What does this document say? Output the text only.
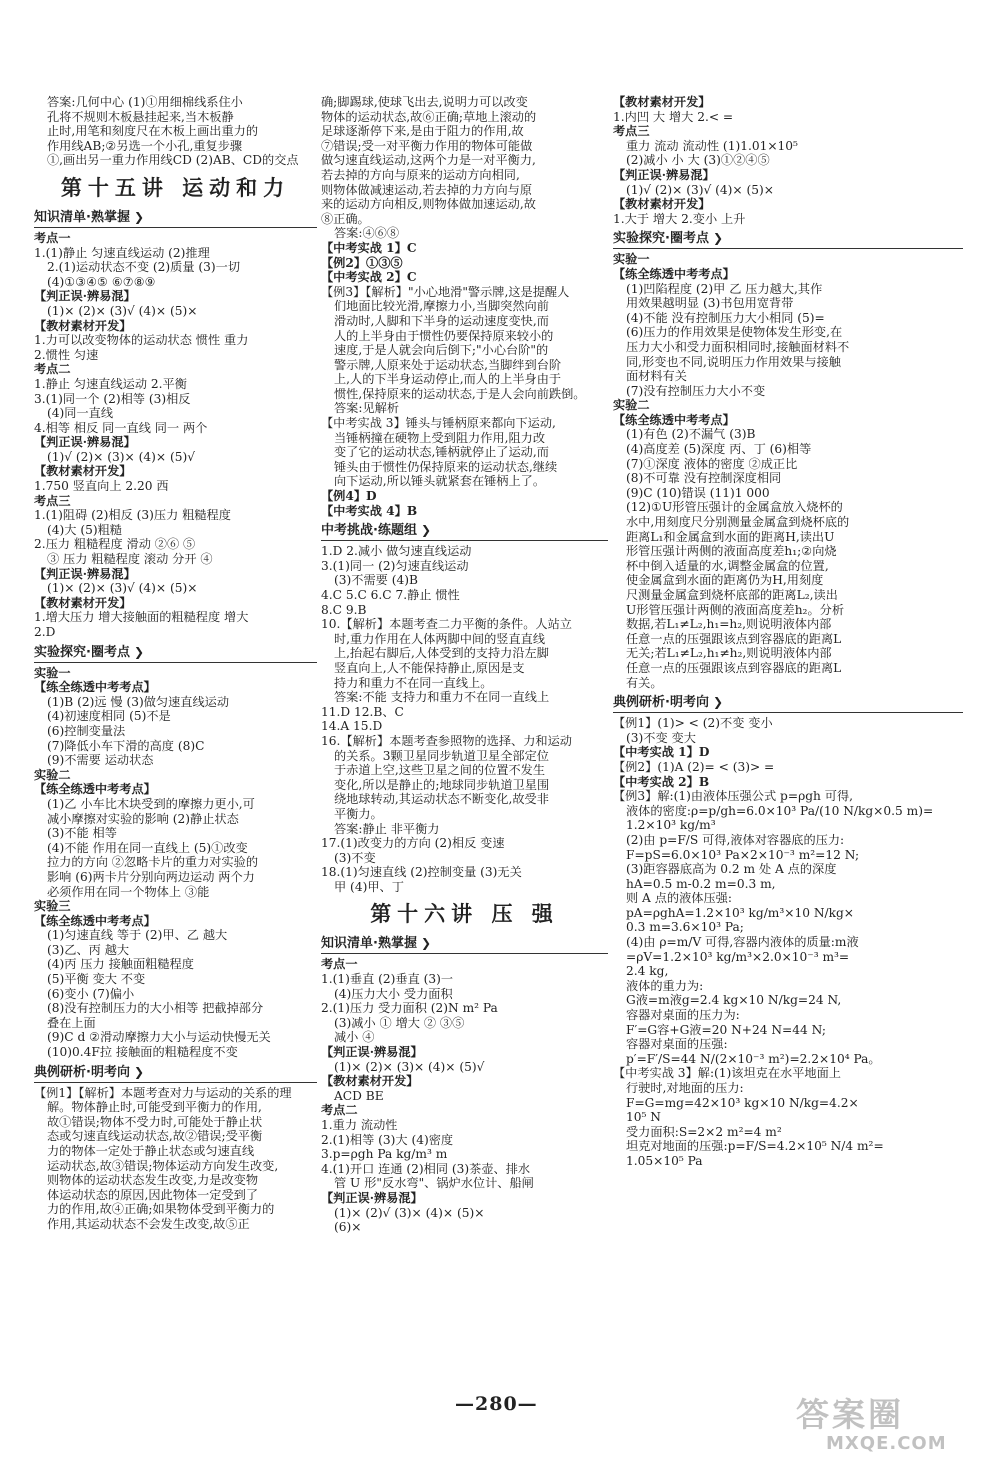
答案:几何中心 (1)①用细棉线系住小
孔将不规则木板悬挂起来,当木板静
止时,用笔和刻度尺在木板上画出重力的
作用线AB;②另选一个小孔,重复步骤
①,画出另一重力作用线CD (2)AB、CD的交点
第十五讲 运动和力
知识清单·熟掌握 ❯
考点一
1.(1)静止 匀速直线运动 (2)推理
2.(1)运动状态不变 (2)质量 (3)一切
(4)①③④⑤ ⑥⑦⑧⑨
【判正误·辨易混】
(1)× (2)× (3)√ (4)× (5)×
【教材素材开发】
1.力可以改变物体的运动状态 惯性 重力
2.惯性 匀速
考点二
1.静止 匀速直线运动 2.平衡
3.(1)同一个 (2)相等 (3)相反
(4)同一直线
4.相等 相反 同一直线 同一 两个
【判正误·辨易混】
(1)√ (2)× (3)× (4)× (5)√
【教材素材开发】
1.750 竖直向上 2.20 西
考点三
1.(1)阻碍 (2)相反 (3)压力 粗糙程度
(4)大 (5)粗糙
2.压力 粗糙程度 滑动 ②⑥ ⑤
③ 压力 粗糙程度 滚动 分开 ④
【判正误·辨易混】
(1)× (2)× (3)√ (4)× (5)×
【教材素材开发】
1.增大压力 增大接触面的粗糙程度 增大
2.D
实验探究·圈考点 ❯
实验一
【练全练透中考考点】
(1)B (2)远 慢 (3)做匀速直线运动
(4)初速度相同 (5)不是
(6)控制变量法
(7)降低小车下滑的高度 (8)C
(9)不需要 运动状态
实验二
【练全练透中考考点】
(1)乙 小车比木块受到的摩擦力更小,可
减小摩擦对实验的影响 (2)静止状态
(3)不能 相等
(4)不能 作用在同一直线上 (5)①改变
拉力的方向 ②忽略卡片的重力对实验的
影响 (6)两卡片分别向两边运动 两个力
必须作用在同一个物体上 ③能
实验三
【练全练透中考考点】
(1)匀速直线 等于 (2)甲、乙 越大
(3)乙、丙 越大
(4)丙 压力 接触面粗糙程度
(5)平衡 变大 不变
(6)变小 (7)偏小
(8)没有控制压力的大小相等 把截掉部分
叠在上面
(9)C d ②滑动摩擦力大小与运动快慢无关
(10)0.4F拉 接触面的粗糙程度不变
典例研析·明考向 ❯
【例1】【解析】本题考查对力与运动的关系的理
解。物体静止时,可能受到平衡力的作用,
故①错误;物体不受力时,可能处于静止状
态或匀速直线运动状态,故②错误;受平衡
力的物体一定处于静止状态或匀速直线
运动状态,故③错误;物体运动方向发生改变,
则物体的运动状态发生改变,力是改变物
体运动状态的原因,因此物体一定受到了
力的作用,故④正确;如果物体受到平衡力的
作用,其运动状态不会发生改变,故⑤正
确;脚踢球,使球飞出去,说明力可以改变
物体的运动状态,故⑥正确;草地上滚动的
足球逐渐停下来,是由于阻力的作用,故
⑦错误;受一对平衡力作用的物体可能做
做匀速直线运动,这两个力是一对平衡力,
若去掉的方向与原来的运动方向相同,
则物体做减速运动,若去掉的力方向与原
来的运动方向相反,则物体做加速运动,故
⑧正确。
答案:④⑥⑧
【中考实战 1】C
【例2】①③⑤
【中考实战 2】C
【例3】【解析】"小心地滑"警示牌,这是提醒人
们地面比较光滑,摩擦力小,当脚突然向前
滑动时,人脚和下半身的运动速度变快,而
人的上半身由于惯性仍要保持原来较小的
速度,于是人就会向后倒下;"小心台阶"的
警示牌,人原来处于运动状态,当脚绊到台阶
上,人的下半身运动停止,而人的上半身由于
惯性,保持原来的运动状态,于是人会向前跌倒。
答案:见解析
【中考实战 3】锤头与锤柄原来都向下运动,
当锤柄撞在硬物上受到阻力作用,阻力改
变了它的运动状态,锤柄就停止了运动,而
锤头由于惯性仍保持原来的运动状态,继续
向下运动,所以锤头就紧套在锤柄上了。
【例4】D
【中考实战 4】B
中考挑战·练题组 ❯
1.D 2.减小 做匀速直线运动
3.(1)同一 (2)匀速直线运动
(3)不需要 (4)B
4.C 5.C 6.C 7.静止 惯性
8.C 9.B
10.【解析】本题考查二力平衡的条件。人站立
时,重力作用在人体两脚中间的竖直直线
上,抬起右脚后,人体受到的支持力沿左脚
竖直向上,人不能保持静止,原因是支
持力和重力不在同一直线上。
答案:不能 支持力和重力不在同一直线上
11.D 12.B、C
14.A 15.D
16.【解析】本题考查参照物的选择、力和运动
的关系。3颗卫星同步轨道卫星全部定位
于赤道上空,这些卫星之间的位置不发生
变化,所以是静止的;地球同步轨道卫星围
绕地球转动,其运动状态不断变化,故受非
平衡力。
答案:静止 非平衡力
17.(1)改变力的方向 (2)相反 变速
(3)不变
18.(1)匀速直线 (2)控制变量 (3)无关
甲 (4)甲、丁
第十六讲 压 强
知识清单·熟掌握 ❯
考点一
1.(1)垂直 (2)垂直 (3)一
(4)压力大小 受力面积
2.(1)压力 受力面积 (2)N m² Pa
(3)减小 ① 增大 ② ③⑤
减小 ④
【判正误·辨易混】
(1)× (2)× (3)× (4)× (5)√
【教材素材开发】
ACD BE
考点二
1.重力 流动性
2.(1)相等 (3)大 (4)密度
3.p=ρgh Pa kg/m³ m
4.(1)开口 连通 (2)相同 (3)茶壶、排水
管 U 形"反水弯"、锅炉水位计、船闸
【判正误·辨易混】
(1)× (2)√ (3)× (4)× (5)×
(6)×
【教材素材开发】
1.内凹 大 增大 2.< =
考点三
重力 流动 流动性 (1)1.01×10⁵
(2)减小 小 大 (3)①②④⑤
【判正误·辨易混】
(1)√ (2)× (3)√ (4)× (5)×
【教材素材开发】
1.大于 增大 2.变小 上升
实验探究·圈考点 ❯
实验一
【练全练透中考考点】
(1)凹陷程度 (2)甲 乙 压力越大,其作
用效果越明显 (3)书包用宽背带
(4)不能 没有控制压力大小相同 (5)=
(6)压力的作用效果是使物体发生形变,在
压力大小和受力面积相同时,接触面材料不
同,形变也不同,说明压力作用效果与接触
面材料有关
(7)没有控制压力大小不变
实验二
【练全练透中考考点】
(1)有色 (2)不漏气 (3)B
(4)高度差 (5)深度 丙、丁 (6)相等
(7)①深度 液体的密度 ②成正比
(8)不可靠 没有控制深度相同
(9)C (10)错误 (11)1 000
(12)①U形管压强计的金属盒放入烧杯的
水中,用刻度尺分别测量金属盒到烧杯底的
距离L₁和金属盒到水面的距离H,读出U
形管压强计两侧的液面高度差h₁;②向烧
杯中倒入适量的水,调整金属盒的位置,
使金属盒到水面的距离仍为H,用刻度
尺测量金属盒到烧杯底部的距离L₂,读出
U形管压强计两侧的液面高度差h₂。分析
数据,若L₁≠L₂,h₁=h₂,则说明液体内部
任意一点的压强跟该点到容器底的距离L
无关;若L₁≠L₂,h₁≠h₂,则说明液体内部
任意一点的压强跟该点到容器底的距离L
有关。
典例研析·明考向 ❯
【例1】(1)> < (2)不变 变小
(3)不变 变大
【中考实战 1】D
【例2】(1)A (2)= < (3)> =
【中考实战 2】B
【例3】解:(1)由液体压强公式 p=ρgh 可得,
液体的密度:ρ=p/gh=6.0×10³ Pa/(10 N/kg×0.5 m)=
1.2×10³ kg/m³
(2)由 p=F/S 可得,液体对容器底的压力:
F=pS=6.0×10³ Pa×2×10⁻³ m²=12 N;
(3)距容器底高为 0.2 m 处 A 点的深度
hA=0.5 m-0.2 m=0.3 m,
则 A 点的液体压强:
pA=ρghA=1.2×10³ kg/m³×10 N/kg×
0.3 m=3.6×10³ Pa;
(4)由 ρ=m/V 可得,容器内液体的质量:m液
=ρV=1.2×10³ kg/m³×2.0×10⁻³ m³=
2.4 kg,
液体的重力为:
G液=m液g=2.4 kg×10 N/kg=24 N,
容器对桌面的压力为:
F′=G容+G液=20 N+24 N=44 N;
容器对桌面的压强:
p′=F′/S=44 N/(2×10⁻³ m²)=2.2×10⁴ Pa。
【中考实战 3】解:(1)该坦克在水平地面上
行驶时,对地面的压力:
F=G=mg=42×10³ kg×10 N/kg=4.2×
10⁵ N
受力面积:S=2×2 m²=4 m²
坦克对地面的压强:p=F/S=4.2×10⁵ N/4 m²=
1.05×10⁵ Pa
—280—	答案圈
MXQE.COM
